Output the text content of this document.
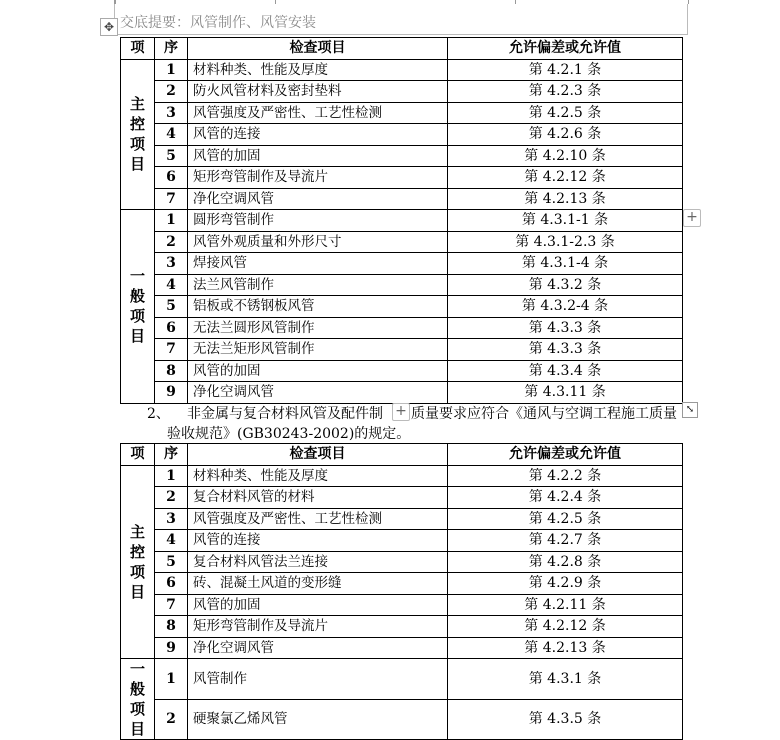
交底提要：风管制作、风管安装
✥
项	序	检查项目	允许偏差或允许值
主
控
项
目	1	材料种类、性能及厚度	第 4.2.1 条
	2	防火风管材料及密封垫料	第 4.2.3 条
	3	风管强度及严密性、工艺性检测	第 4.2.5 条
	4	风管的连接	第 4.2.6 条
	5	风管的加固	第 4.2.10 条
	6	矩形弯管制作及导流片	第 4.2.12 条
	7	净化空调风管	第 4.2.13 条
一
般
项
目	1	圆形弯管制作	第 4.3.1-1 条
	2	风管外观质量和外形尺寸	第 4.3.1-2.3 条
	3	焊接风管	第 4.3.1-4 条
	4	法兰风管制作	第 4.3.2 条
	5	铝板或不锈钢板风管	第 4.3.2-4 条
	6	无法兰圆形风管制作	第 4.3.3 条
	7	无法兰矩形风管制作	第 4.3.3 条
	8	风管的加固	第 4.3.4 条
	9	净化空调风管	第 4.3.11 条
+
2、 非金属与复合材料风管及配件制 + 质量要求应符合《通风与空调工程施工质量 ⤡
验收规范》(GB30243-2002)的规定。
项	序	检查项目	允许偏差或允许值
主
控
项
目	1	材料种类、性能及厚度	第 4.2.2 条
	2	复合材料风管的材料	第 4.2.4 条
	3	风管强度及严密性、工艺性检测	第 4.2.5 条
	4	风管的连接	第 4.2.7 条
	5	复合材料风管法兰连接	第 4.2.8 条
	6	砖、混凝土风道的变形缝	第 4.2.9 条
	7	风管的加固	第 4.2.11 条
	8	矩形弯管制作及导流片	第 4.2.12 条
	9	净化空调风管	第 4.2.13 条
一
般
项
目	1	风管制作	第 4.3.1 条
	2	硬聚氯乙烯风管	第 4.3.5 条
